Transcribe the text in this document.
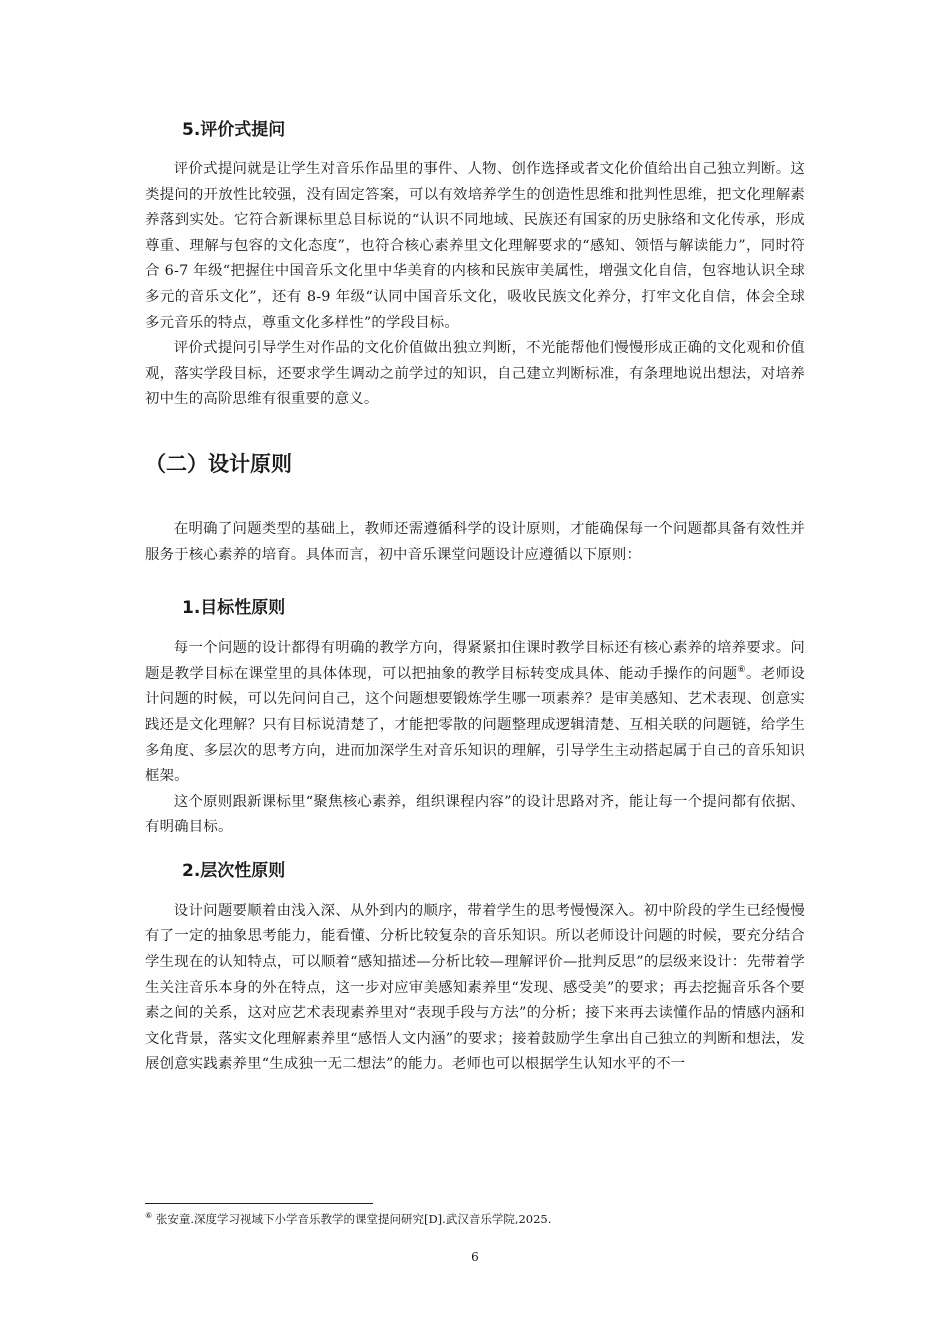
5.评价式提问

评价式提问就是让学生对音乐作品里的事件、人物、创作选择或者文化价值给出自己独立判断。这类提问的开放性比较强，没有固定答案，可以有效培养学生的创造性思维和批判性思维，把文化理解素养落到实处。它符合新课标里总目标说的“认识不同地域、民族还有国家的历史脉络和文化传承，形成尊重、理解与包容的文化态度”，也符合核心素养里文化理解要求的“感知、领悟与解读能力”，同时符合 6-7 年级“把握住中国音乐文化里中华美育的内核和民族审美属性，增强文化自信，包容地认识全球多元的音乐文化”，还有 8-9 年级“认同中国音乐文化，吸收民族文化养分，打牢文化自信，体会全球多元音乐的特点，尊重文化多样性”的学段目标。

评价式提问引导学生对作品的文化价值做出独立判断，不光能帮他们慢慢形成正确的文化观和价值观，落实学段目标，还要求学生调动之前学过的知识，自己建立判断标准，有条理地说出想法，对培养初中生的高阶思维有很重要的意义。

（二）设计原则

在明确了问题类型的基础上，教师还需遵循科学的设计原则，才能确保每一个问题都具备有效性并服务于核心素养的培育。具体而言，初中音乐课堂问题设计应遵循以下原则：

1.目标性原则

每一个问题的设计都得有明确的教学方向，得紧紧扣住课时教学目标还有核心素养的培养要求。问题是教学目标在课堂里的具体体现，可以把抽象的教学目标转变成具体、能动手操作的问题⑥。老师设计问题的时候，可以先问问自己，这个问题想要锻炼学生哪一项素养？是审美感知、艺术表现、创意实践还是文化理解？只有目标说清楚了，才能把零散的问题整理成逻辑清楚、互相关联的问题链，给学生多角度、多层次的思考方向，进而加深学生对音乐知识的理解，引导学生主动搭起属于自己的音乐知识框架。

这个原则跟新课标里“聚焦核心素养，组织课程内容”的设计思路对齐，能让每一个提问都有依据、有明确目标。

2.层次性原则

设计问题要顺着由浅入深、从外到内的顺序，带着学生的思考慢慢深入。初中阶段的学生已经慢慢有了一定的抽象思考能力，能看懂、分析比较复杂的音乐知识。所以老师设计问题的时候，要充分结合学生现在的认知特点，可以顺着“感知描述—分析比较—理解评价—批判反思”的层级来设计：先带着学生关注音乐本身的外在特点，这一步对应审美感知素养里“发现、感受美”的要求；再去挖掘音乐各个要素之间的关系，这对应艺术表现素养里对“表现手段与方法”的分析；接下来再去读懂作品的情感内涵和文化背景，落实文化理解素养里“感悟人文内涵”的要求；接着鼓励学生拿出自己独立的判断和想法，发展创意实践素养里“生成独一无二想法”的能力。老师也可以根据学生认知水平的不一

⑥ 张安童.深度学习视域下小学音乐教学的课堂提问研究[D].武汉音乐学院,2025.
6
